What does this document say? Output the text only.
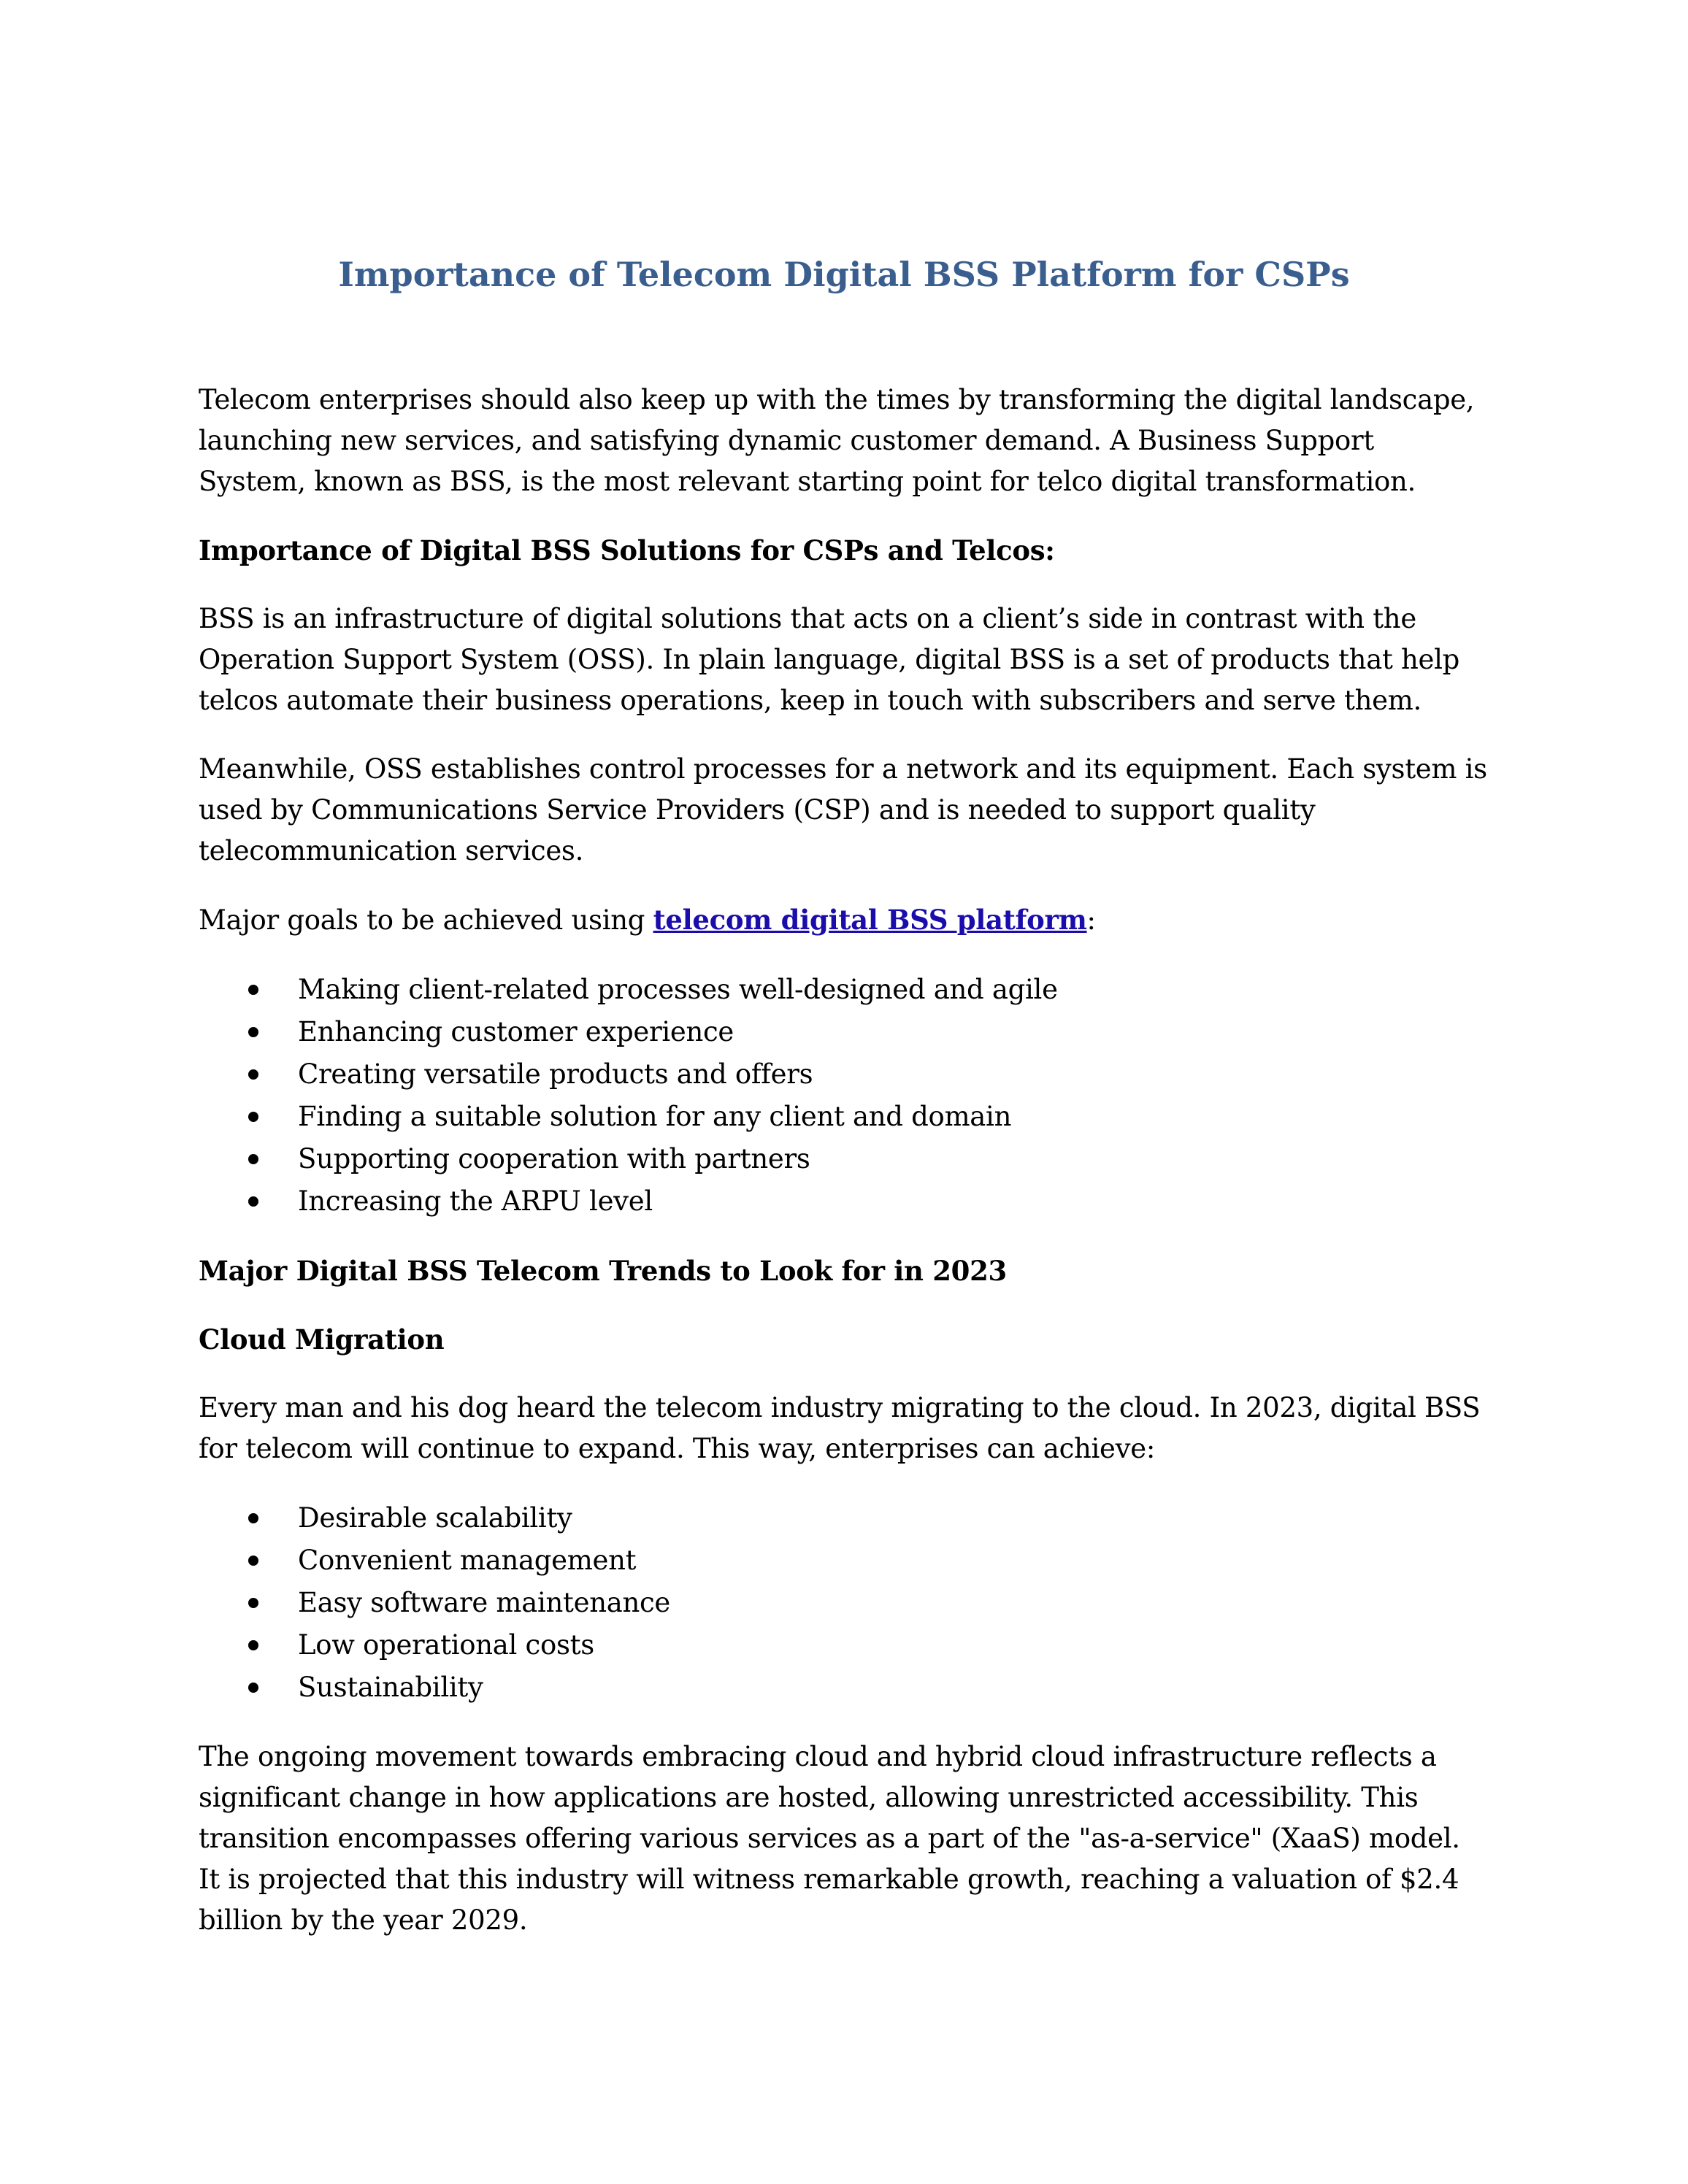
Importance of Telecom Digital BSS Platform for CSPs

Telecom enterprises should also keep up with the times by transforming the digital landscape, launching new services, and satisfying dynamic customer demand. A Business Support System, known as BSS, is the most relevant starting point for telco digital transformation.

Importance of Digital BSS Solutions for CSPs and Telcos:

BSS is an infrastructure of digital solutions that acts on a client’s side in contrast with the Operation Support System (OSS). In plain language, digital BSS is a set of products that help telcos automate their business operations, keep in touch with subscribers and serve them.

Meanwhile, OSS establishes control processes for a network and its equipment. Each system is used by Communications Service Providers (CSP) and is needed to support quality telecommunication services.

Major goals to be achieved using telecom digital BSS platform:

Making client-related processes well-designed and agile
Enhancing customer experience
Creating versatile products and offers
Finding a suitable solution for any client and domain
Supporting cooperation with partners
Increasing the ARPU level

Major Digital BSS Telecom Trends to Look for in 2023

Cloud Migration

Every man and his dog heard the telecom industry migrating to the cloud. In 2023, digital BSS for telecom will continue to expand. This way, enterprises can achieve:

Desirable scalability
Convenient management
Easy software maintenance
Low operational costs
Sustainability

The ongoing movement towards embracing cloud and hybrid cloud infrastructure reflects a significant change in how applications are hosted, allowing unrestricted accessibility. This transition encompasses offering various services as a part of the "as-a-service" (XaaS) model. It is projected that this industry will witness remarkable growth, reaching a valuation of $2.4 billion by the year 2029.
